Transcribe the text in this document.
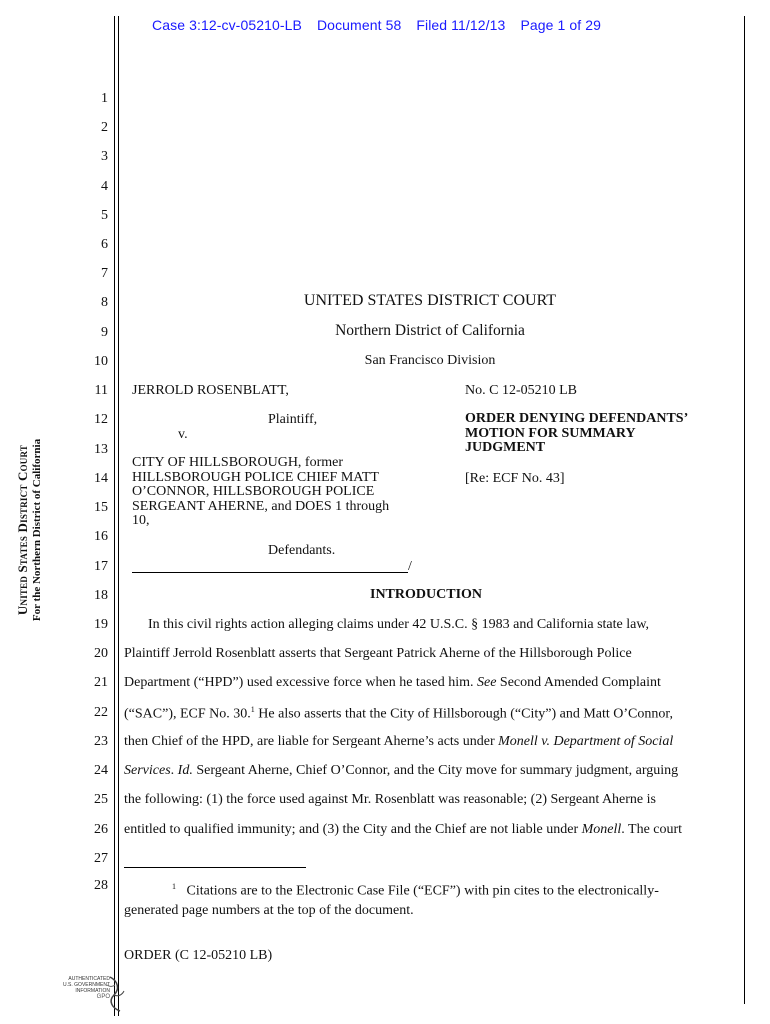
Case 3:12-cv-05210-LB Document 58 Filed 11/12/13 Page 1 of 29
United States District Court For the Northern District of California
1
2
3
4
5
6
7
8
9
10
11
12
13
14
15
16
17
18
19
20
21
22
23
24
25
26
27
28
UNITED STATES DISTRICT COURT
Northern District of California
San Francisco Division
JERROLD ROSENBLATT,
Plaintiff,
v.
CITY OF HILLSBOROUGH, former
HILLSBOROUGH POLICE CHIEF MATT
O’CONNOR, HILLSBOROUGH POLICE
SERGEANT AHERNE, and DOES 1 through
10,
Defendants.
/
No. C 12-05210 LB
ORDER DENYING DEFENDANTS’
MOTION FOR SUMMARY
JUDGMENT
[Re: ECF No. 43]
INTRODUCTION
In this civil rights action alleging claims under 42 U.S.C. § 1983 and California state law,
Plaintiff Jerrold Rosenblatt asserts that Sergeant Patrick Aherne of the Hillsborough Police
Department (“HPD”) used excessive force when he tased him. See Second Amended Complaint
(“SAC”), ECF No. 30.$^1$ He also asserts that the City of Hillsborough (“City”) and Matt O’Connor,
then Chief of the HPD, are liable for Sergeant Aherne’s acts under Monell v. Department of Social
Services. Id. Sergeant Aherne, Chief O’Connor, and the City move for summary judgment, arguing
the following: (1) the force used against Mr. Rosenblatt was reasonable; (2) Sergeant Aherne is
entitled to qualified immunity; and (3) the City and the Chief are not liable under Monell. The court
$^1$ Citations are to the Electronic Case File (“ECF”) with pin cites to the electronically-
generated page numbers at the top of the document.
ORDER (C 12-05210 LB)
AUTHENTICATED
U.S. GOVERNMENT
INFORMATION
GPO
